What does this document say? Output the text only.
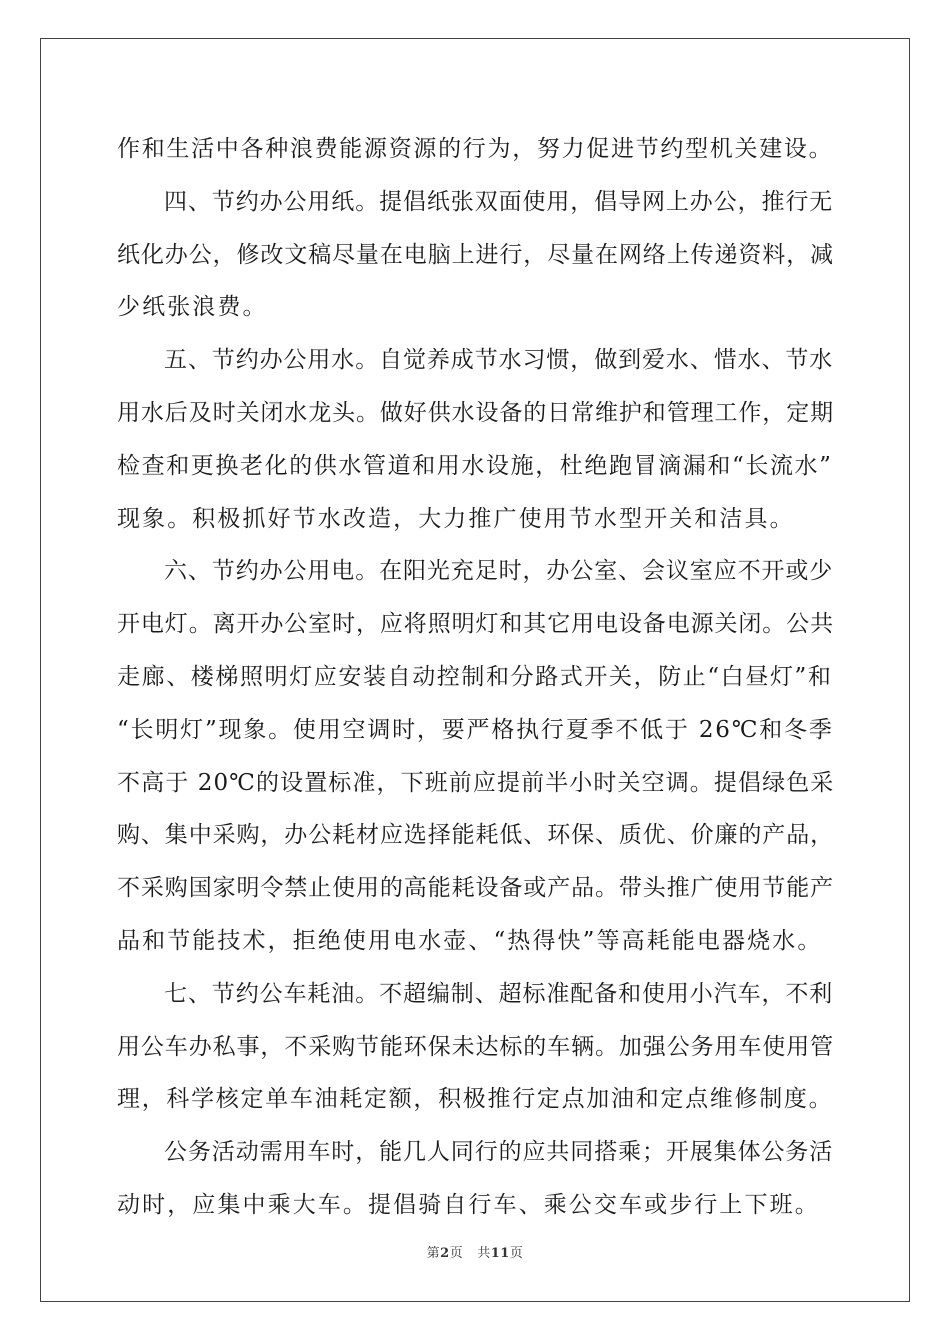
作和生活中各种浪费能源资源的行为，努力促进节约型机关建设。
四、节约办公用纸。提倡纸张双面使用，倡导网上办公，推行无
纸化办公，修改文稿尽量在电脑上进行，尽量在网络上传递资料，减
少纸张浪费。
五、节约办公用水。自觉养成节水习惯，做到爱水、惜水、节水
用水后及时关闭水龙头。做好供水设备的日常维护和管理工作，定期
检查和更换老化的供水管道和用水设施，杜绝跑冒滴漏和“长流水”
现象。积极抓好节水改造，大力推广使用节水型开关和洁具。
六、节约办公用电。在阳光充足时，办公室、会议室应不开或少
开电灯。离开办公室时，应将照明灯和其它用电设备电源关闭。公共
走廊、楼梯照明灯应安装自动控制和分路式开关，防止“白昼灯”和
“长明灯”现象。使用空调时，要严格执行夏季不低于 26℃和冬季
不高于 20℃的设置标准，下班前应提前半小时关空调。提倡绿色采
购、集中采购，办公耗材应选择能耗低、环保、质优、价廉的产品，
不采购国家明令禁止使用的高能耗设备或产品。带头推广使用节能产
品和节能技术，拒绝使用电水壶、“热得快”等高耗能电器烧水。
七、节约公车耗油。不超编制、超标准配备和使用小汽车，不利
用公车办私事，不采购节能环保未达标的车辆。加强公务用车使用管
理，科学核定单车油耗定额，积极推行定点加油和定点维修制度。
公务活动需用车时，能几人同行的应共同搭乘；开展集体公务活
动时，应集中乘大车。提倡骑自行车、乘公交车或步行上下班。
第2页 共11页
